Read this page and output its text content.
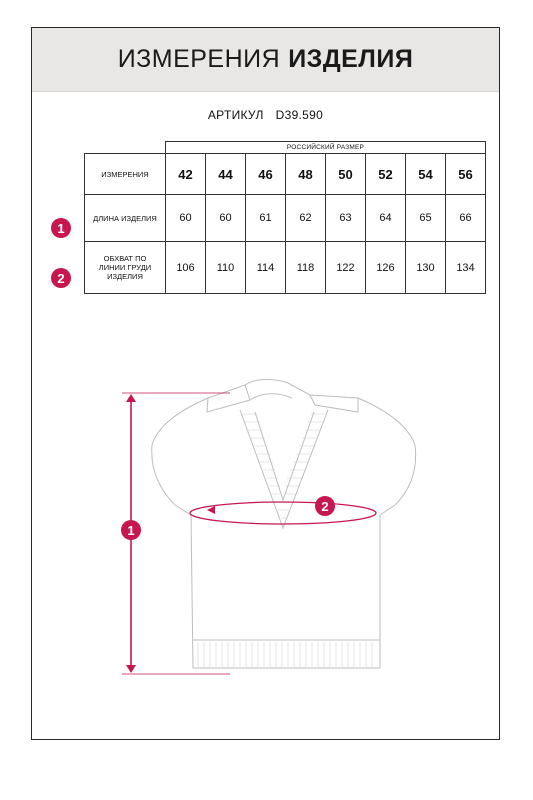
ИЗМЕРЕНИЯ ИЗДЕЛИЯ
АРТИКУЛ D39.590
	РОССИЙСКИЙ РАЗМЕР							
ИЗМЕРЕНИЯ	42	44	46	48	50	52	54	56
ДЛИНА ИЗДЕЛИЯ	60	60	61	62	63	64	65	66
ОБХВАТ ПО ЛИНИИ ГРУДИ ИЗДЕЛИЯ	106	110	114	118	122	126	130	134
1
2
1
2
